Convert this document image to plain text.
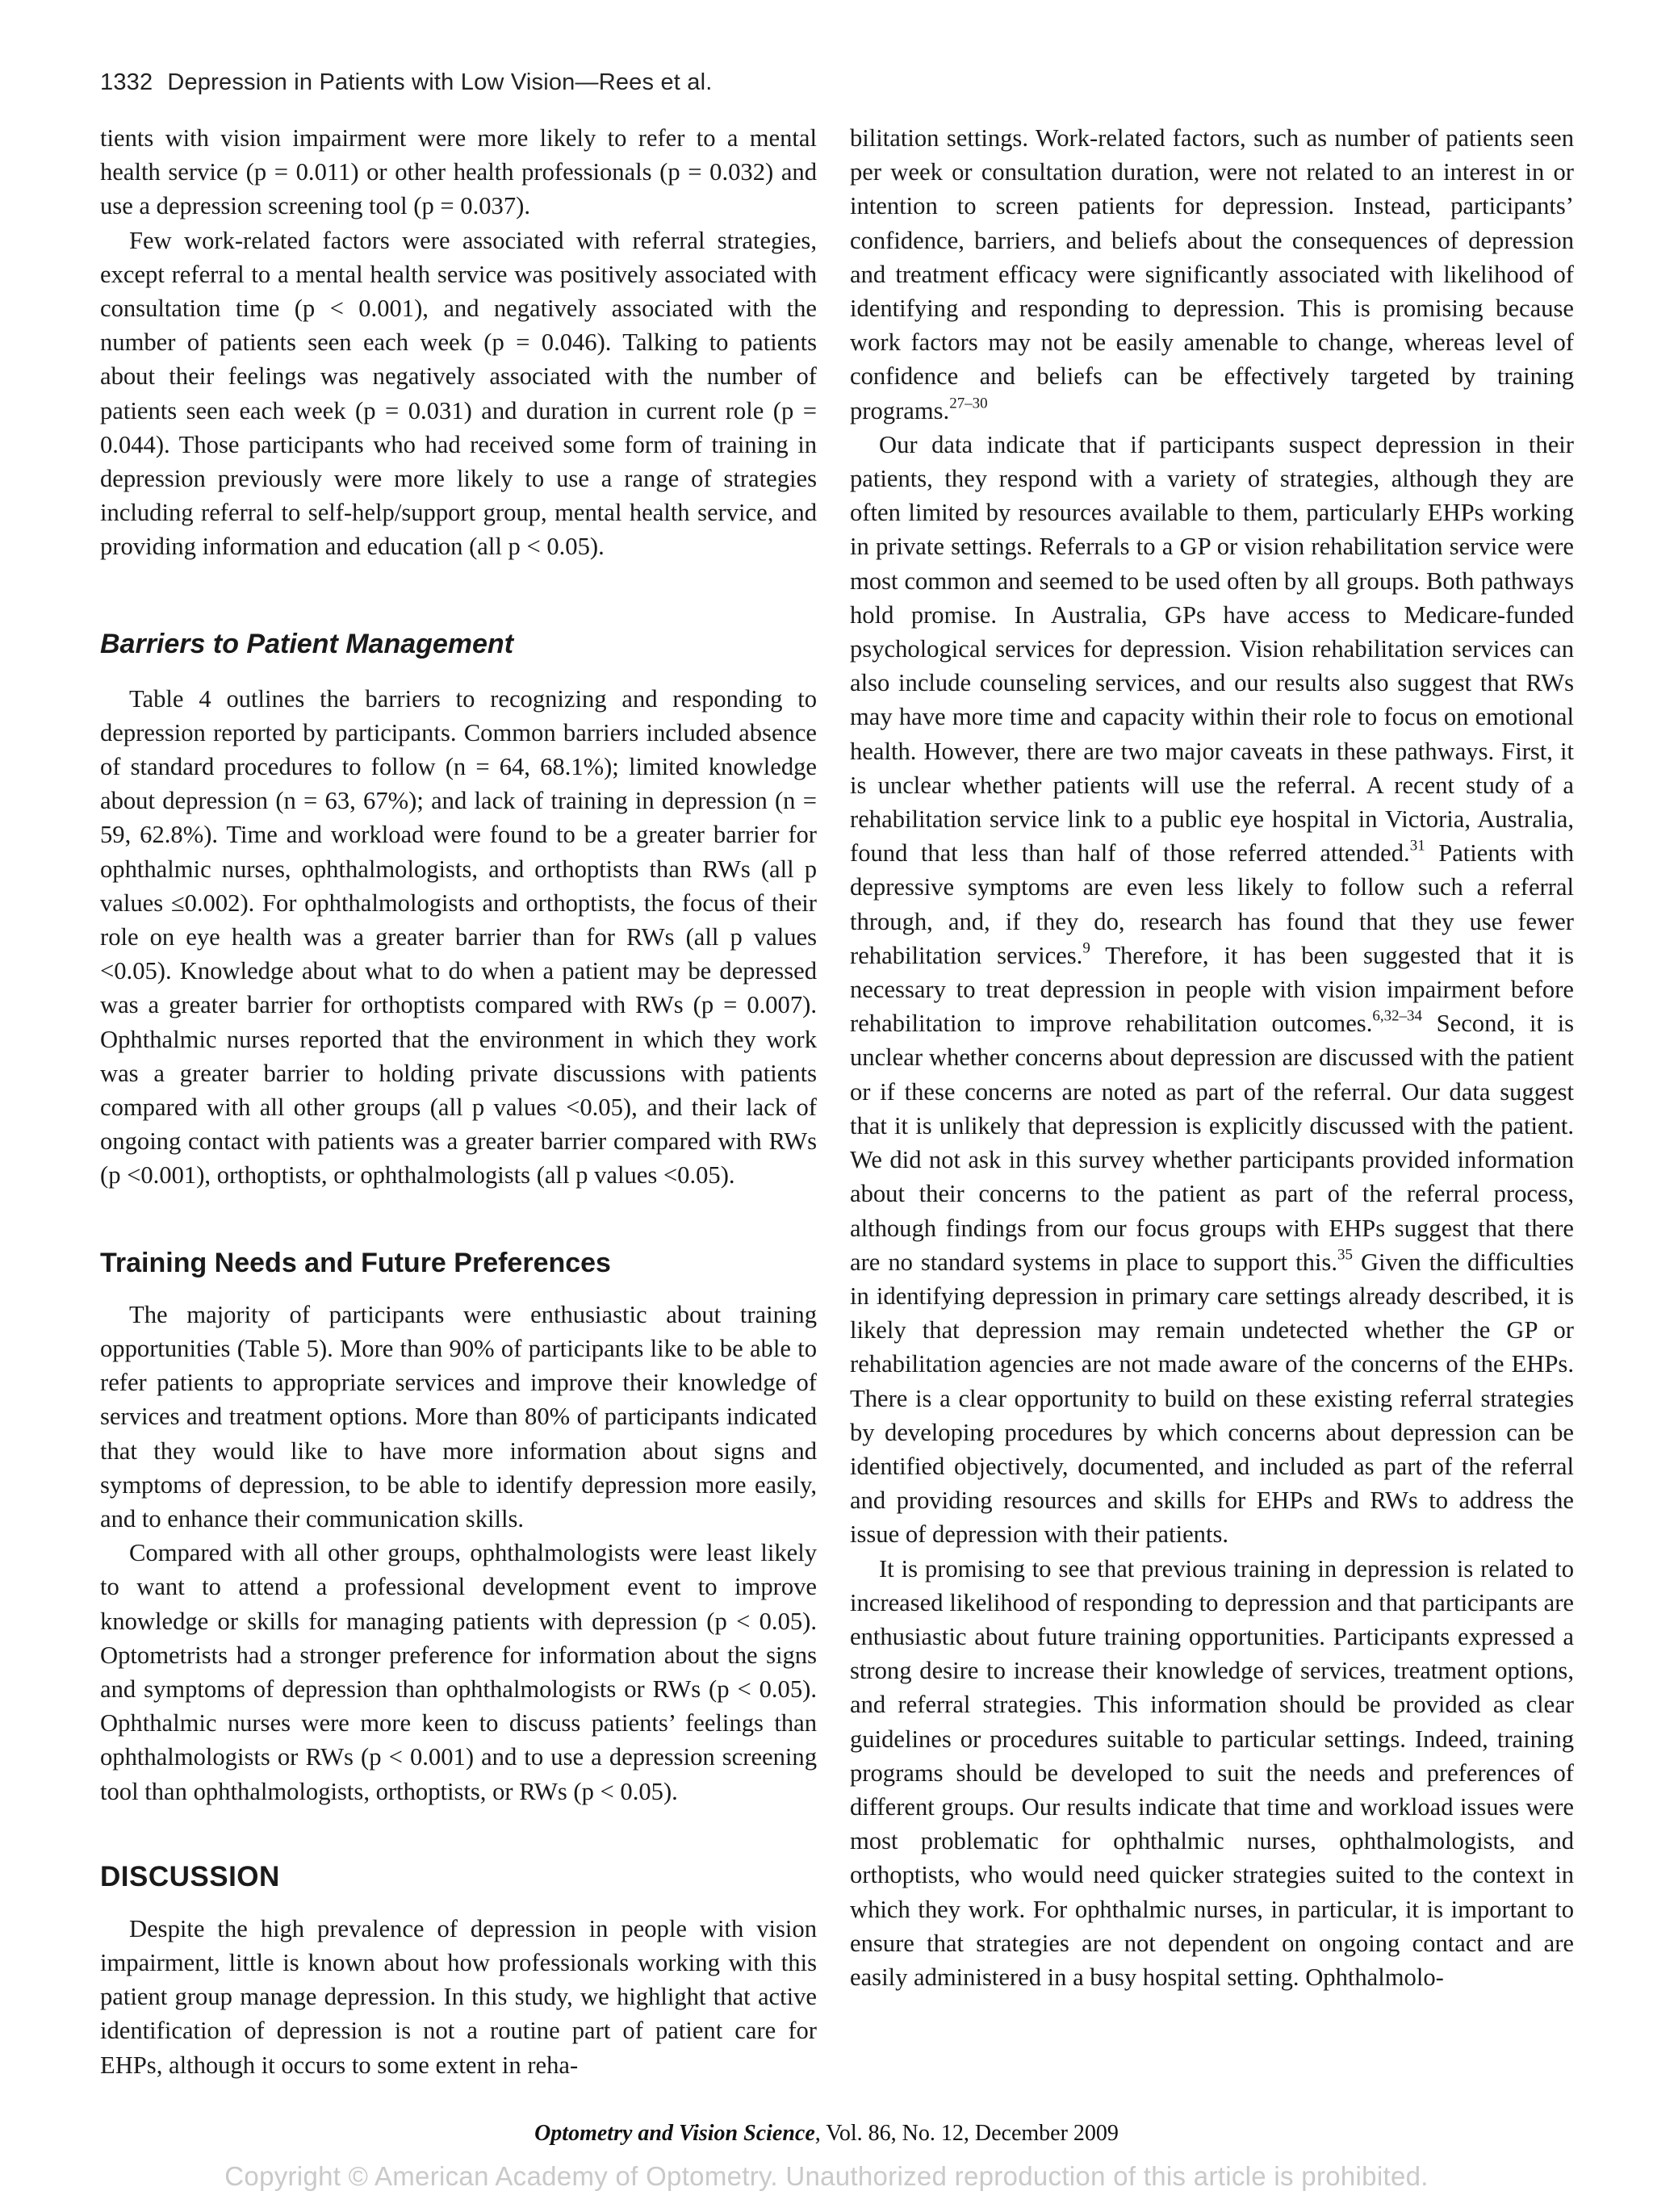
1332 Depression in Patients with Low Vision—Rees et al.

tients with vision impairment were more likely to refer to a mental health service (p = 0.011) or other health professionals (p = 0.032) and use a depression screening tool (p = 0.037).

Few work-related factors were associated with referral strategies, except referral to a mental health service was positively associated with consultation time (p < 0.001), and negatively associated with the number of patients seen each week (p = 0.046). Talking to patients about their feelings was negatively associated with the number of patients seen each week (p = 0.031) and duration in current role (p = 0.044). Those participants who had received some form of training in depression previously were more likely to use a range of strategies including referral to self-help/support group, mental health service, and providing information and education (all p < 0.05).

Barriers to Patient Management

Table 4 outlines the barriers to recognizing and responding to depression reported by participants. Common barriers included absence of standard procedures to follow (n = 64, 68.1%); limited knowledge about depression (n = 63, 67%); and lack of training in depression (n = 59, 62.8%). Time and workload were found to be a greater barrier for ophthalmic nurses, ophthalmologists, and orthoptists than RWs (all p values ≤0.002). For ophthalmologists and orthoptists, the focus of their role on eye health was a greater barrier than for RWs (all p values <0.05). Knowledge about what to do when a patient may be depressed was a greater barrier for orthoptists compared with RWs (p = 0.007). Ophthalmic nurses reported that the environment in which they work was a greater barrier to holding private discussions with patients compared with all other groups (all p values <0.05), and their lack of ongoing contact with patients was a greater barrier compared with RWs (p <0.001), orthoptists, or ophthalmologists (all p values <0.05).

Training Needs and Future Preferences

The majority of participants were enthusiastic about training opportunities (Table 5). More than 90% of participants like to be able to refer patients to appropriate services and improve their knowledge of services and treatment options. More than 80% of participants indicated that they would like to have more information about signs and symptoms of depression, to be able to identify depression more easily, and to enhance their communication skills.

Compared with all other groups, ophthalmologists were least likely to want to attend a professional development event to improve knowledge or skills for managing patients with depression (p < 0.05). Optometrists had a stronger preference for information about the signs and symptoms of depression than ophthalmologists or RWs (p < 0.05). Ophthalmic nurses were more keen to discuss patients’ feelings than ophthalmologists or RWs (p < 0.001) and to use a depression screening tool than ophthalmologists, orthoptists, or RWs (p < 0.05).

DISCUSSION

Despite the high prevalence of depression in people with vision impairment, little is known about how professionals working with this patient group manage depression. In this study, we highlight that active identification of depression is not a routine part of patient care for EHPs, although it occurs to some extent in reha-

bilitation settings. Work-related factors, such as number of patients seen per week or consultation duration, were not related to an interest in or intention to screen patients for depression. Instead, participants’ confidence, barriers, and beliefs about the consequences of depression and treatment efficacy were significantly associated with likelihood of identifying and responding to depression. This is promising because work factors may not be easily amenable to change, whereas level of confidence and beliefs can be effectively targeted by training programs.$^{27-30}$

Our data indicate that if participants suspect depression in their patients, they respond with a variety of strategies, although they are often limited by resources available to them, particularly EHPs working in private settings. Referrals to a GP or vision rehabilitation service were most common and seemed to be used often by all groups. Both pathways hold promise. In Australia, GPs have access to Medicare-funded psychological services for depression. Vision rehabilitation services can also include counseling services, and our results also suggest that RWs may have more time and capacity within their role to focus on emotional health. However, there are two major caveats in these pathways. First, it is unclear whether patients will use the referral. A recent study of a rehabilitation service link to a public eye hospital in Victoria, Australia, found that less than half of those referred attended.$^{31}$ Patients with depressive symptoms are even less likely to follow such a referral through, and, if they do, research has found that they use fewer rehabilitation services.$^9$ Therefore, it has been suggested that it is necessary to treat depression in people with vision impairment before rehabilitation to improve rehabilitation outcomes.$^{6,32-34}$ Second, it is unclear whether concerns about depression are discussed with the patient or if these concerns are noted as part of the referral. Our data suggest that it is unlikely that depression is explicitly discussed with the patient. We did not ask in this survey whether participants provided information about their concerns to the patient as part of the referral process, although findings from our focus groups with EHPs suggest that there are no standard systems in place to support this.$^{35}$ Given the difficulties in identifying depression in primary care settings already described, it is likely that depression may remain undetected whether the GP or rehabilitation agencies are not made aware of the concerns of the EHPs. There is a clear opportunity to build on these existing referral strategies by developing procedures by which concerns about depression can be identified objectively, documented, and included as part of the referral and providing resources and skills for EHPs and RWs to address the issue of depression with their patients.

It is promising to see that previous training in depression is related to increased likelihood of responding to depression and that participants are enthusiastic about future training opportunities. Participants expressed a strong desire to increase their knowledge of services, treatment options, and referral strategies. This information should be provided as clear guidelines or procedures suitable to particular settings. Indeed, training programs should be developed to suit the needs and preferences of different groups. Our results indicate that time and workload issues were most problematic for ophthalmic nurses, ophthalmologists, and orthoptists, who would need quicker strategies suited to the context in which they work. For ophthalmic nurses, in particular, it is important to ensure that strategies are not dependent on ongoing contact and are easily administered in a busy hospital setting. Ophthalmolo-

Optometry and Vision Science, Vol. 86, No. 12, December 2009
Copyright © American Academy of Optometry. Unauthorized reproduction of this article is prohibited.
